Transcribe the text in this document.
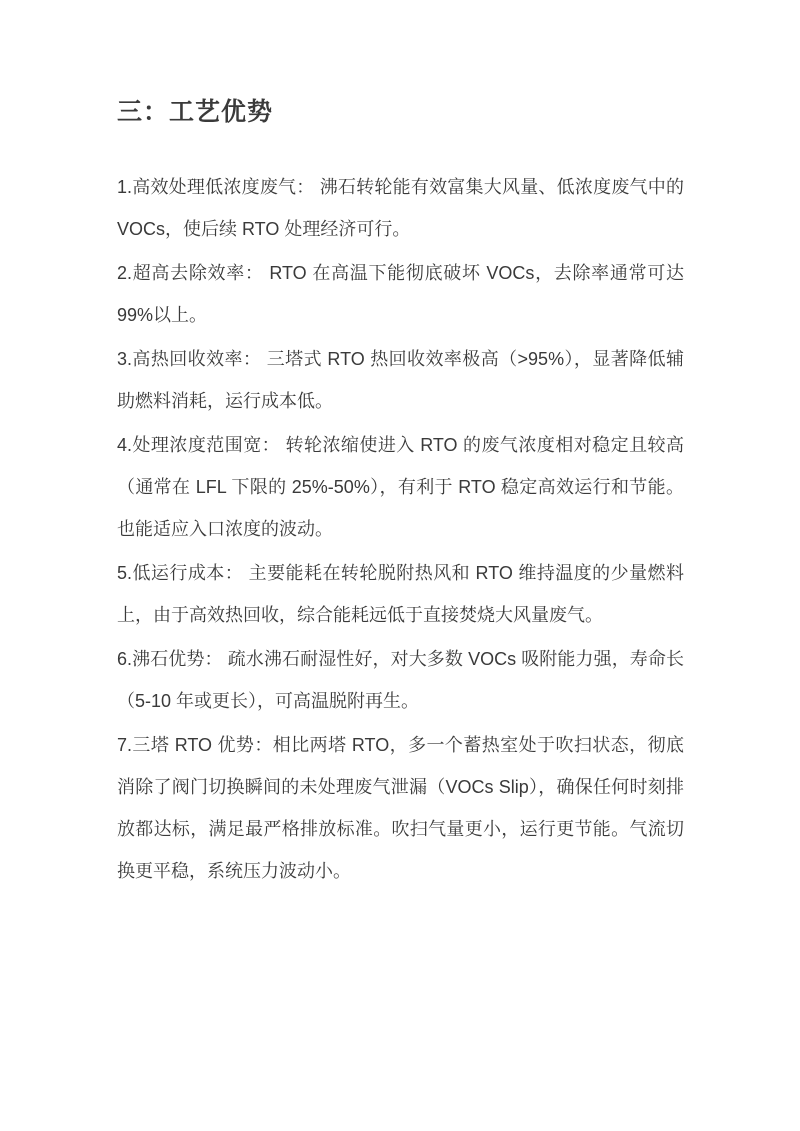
三：工艺优势

1.高效处理低浓度废气： 沸石转轮能有效富集大风量、低浓度废气中的 VOCs，使后续 RTO 处理经济可行。

2.超高去除效率： RTO 在高温下能彻底破坏 VOCs，去除率通常可达 99%以上。

3.高热回收效率： 三塔式 RTO 热回收效率极高（>95%），显著降低辅助燃料消耗，运行成本低。

4.处理浓度范围宽： 转轮浓缩使进入 RTO 的废气浓度相对稳定且较高（通常在 LFL 下限的 25%-50%），有利于 RTO 稳定高效运行和节能。也能适应入口浓度的波动。

5.低运行成本： 主要能耗在转轮脱附热风和 RTO 维持温度的少量燃料上，由于高效热回收，综合能耗远低于直接焚烧大风量废气。

6.沸石优势： 疏水沸石耐湿性好，对大多数 VOCs 吸附能力强，寿命长（5-10 年或更长），可高温脱附再生。

7.三塔 RTO 优势：相比两塔 RTO，多一个蓄热室处于吹扫状态，彻底消除了阀门切换瞬间的未处理废气泄漏（VOCs Slip），确保任何时刻排放都达标，满足最严格排放标准。吹扫气量更小，运行更节能。气流切换更平稳，系统压力波动小。
